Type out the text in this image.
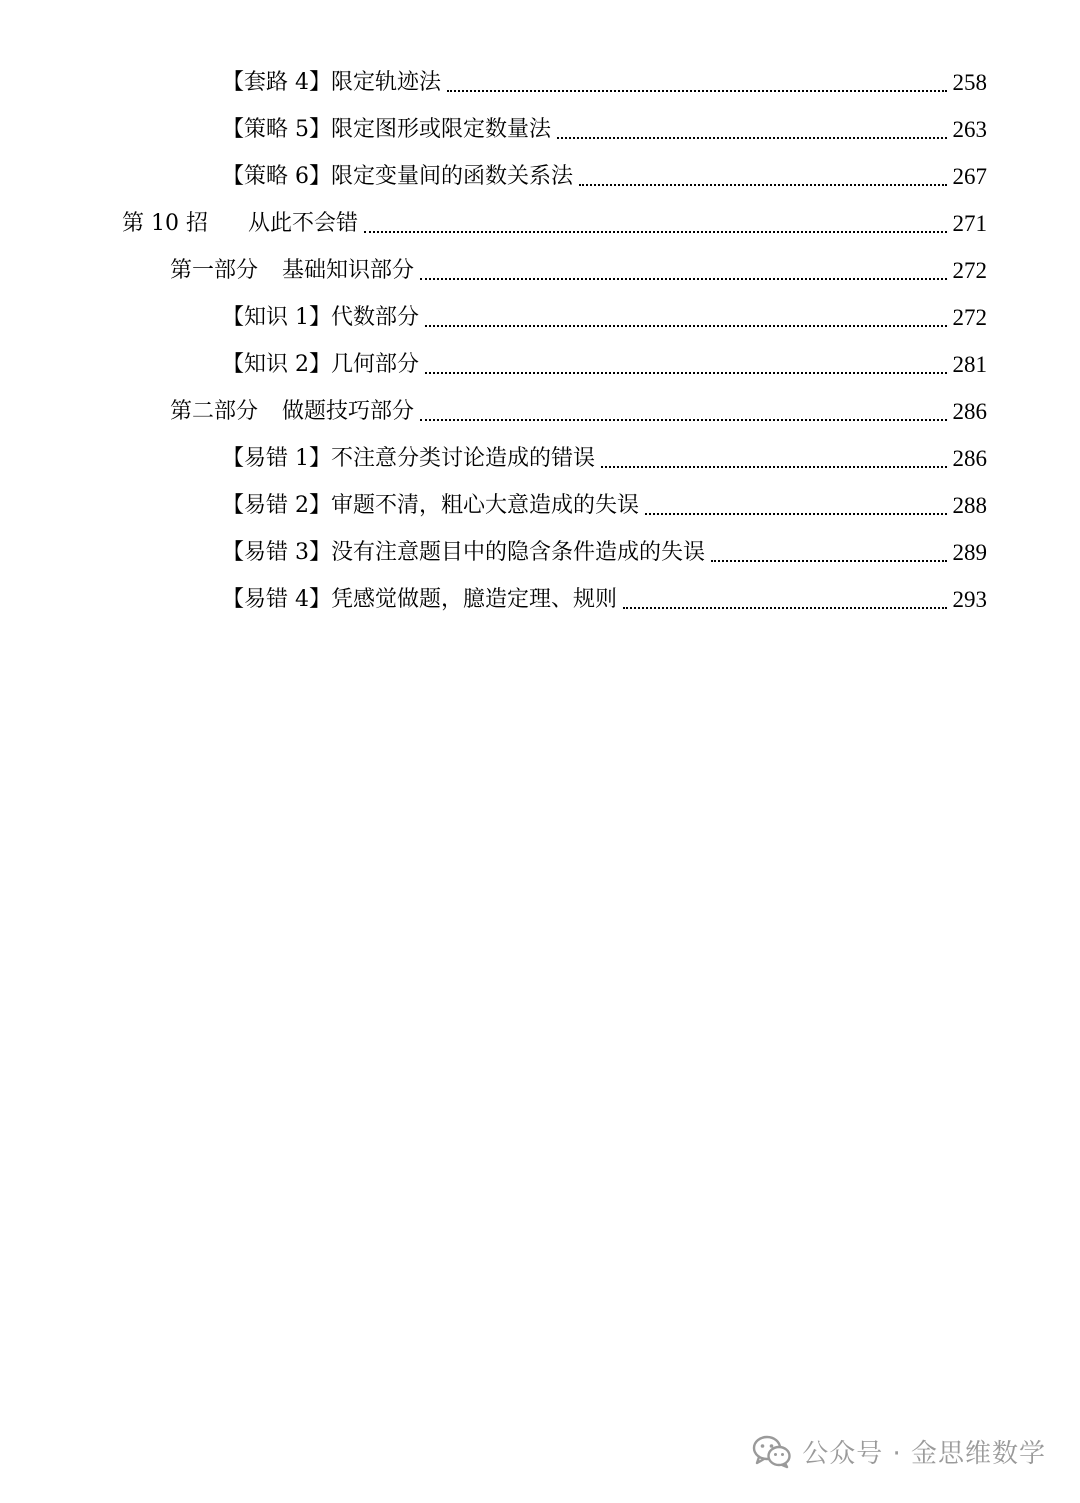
【套路 4】限定轨迹法	258
【策略 5】限定图形或限定数量法	263
【策略 6】限定变量间的函数关系法	267
第 10 招 从此不会错	271
第一部分 基础知识部分	272
【知识 1】代数部分	272
【知识 2】几何部分	281
第二部分 做题技巧部分	286
【易错 1】不注意分类讨论造成的错误	286
【易错 2】审题不清，粗心大意造成的失误	288
【易错 3】没有注意题目中的隐含条件造成的失误	289
【易错 4】凭感觉做题，臆造定理、规则	293
公众号 · 金思维数学
